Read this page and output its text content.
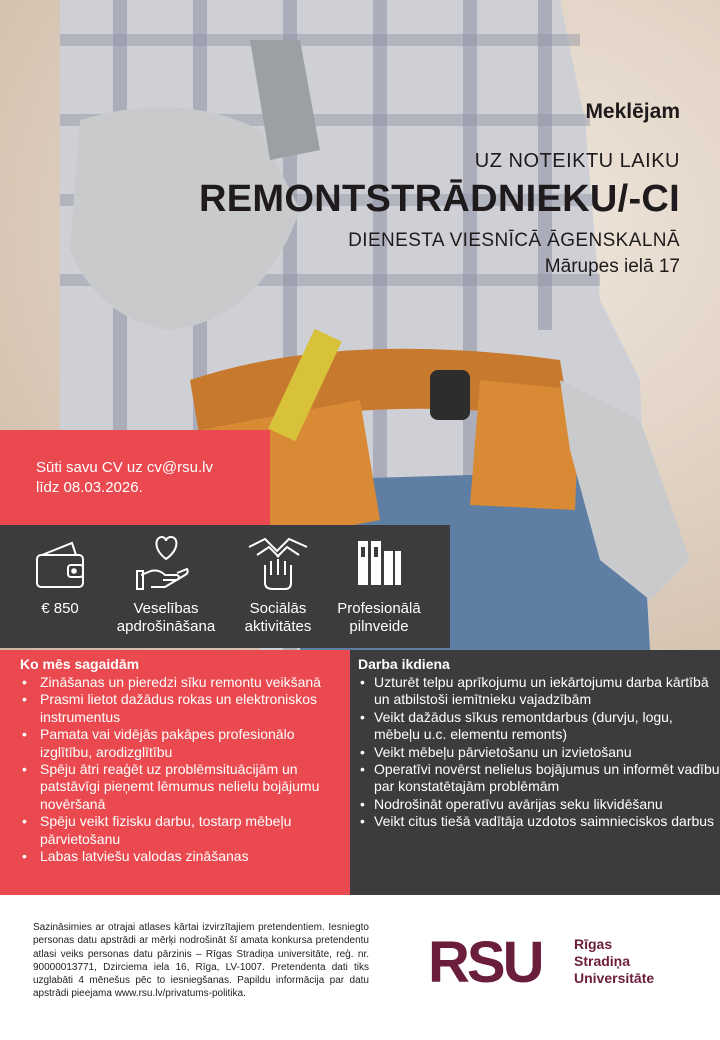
Meklējam
UZ NOTEIKTU LAIKU
REMONTSTRĀDNIEKU/-CI
DIENESTA VIESNĪCĀ ĀGENSKALNĀ
Mārupes ielā 17
Sūti savu CV uz cv@rsu.lv
līdz 08.03.2026.
€ 850	Veselības apdrošināšana
Sociālās aktivitātes
Profesionālā pilnveide
Ko mēs sagaidām
• Zināšanas un pieredzi sīku remontu veikšanā
• Prasmi lietot dažādus rokas un elektroniskos instrumentus
• Pamata vai vidējās pakāpes profesionālo izglītību, arodizglītību
• Spēju ātri reaģēt uz problēmsituācijām un patstāvīgi pieņemt lēmumus nelielu bojājumu novēršanā
• Spēju veikt fizisku darbu, tostarp mēbeļu pārvietošanu
• Labas latviešu valodas zināšanas
Darba ikdiena
• Uzturēt telpu aprīkojumu un iekārtojumu darba kārtībā un atbilstoši iemītnieku vajadzībām
• Veikt dažādus sīkus remontdarbus (durvju, logu, mēbeļu u.c. elementu remonts)
• Veikt mēbeļu pārvietošanu un izvietošanu
• Operatīvi novērst nelielus bojājumus un informēt vadību par konstatētajām problēmām
• Nodrošināt operatīvu avārijas seku likvidēšanu
• Veikt citus tiešā vadītāja uzdotos saimnieciskos darbus
Sazināsimies ar otrajai atlases kārtai izvirzītajiem pretendentiem. Iesniegto personas datu apstrādi ar mērķi nodrošināt šī amata konkursa pretendentu atlasi veiks personas datu pārzinis – Rīgas Stradiņa universitāte, reģ. nr. 90000013771, Dzirciema iela 16, Rīga, LV-1007. Pretendenta dati tiks uzglabāti 4 mēnešus pēc to iesniegšanas. Papildu informācija par datu apstrādi pieejama www.rsu.lv/privatums-politika.	RSU Rīgas
Stradiņa
Universitāte
